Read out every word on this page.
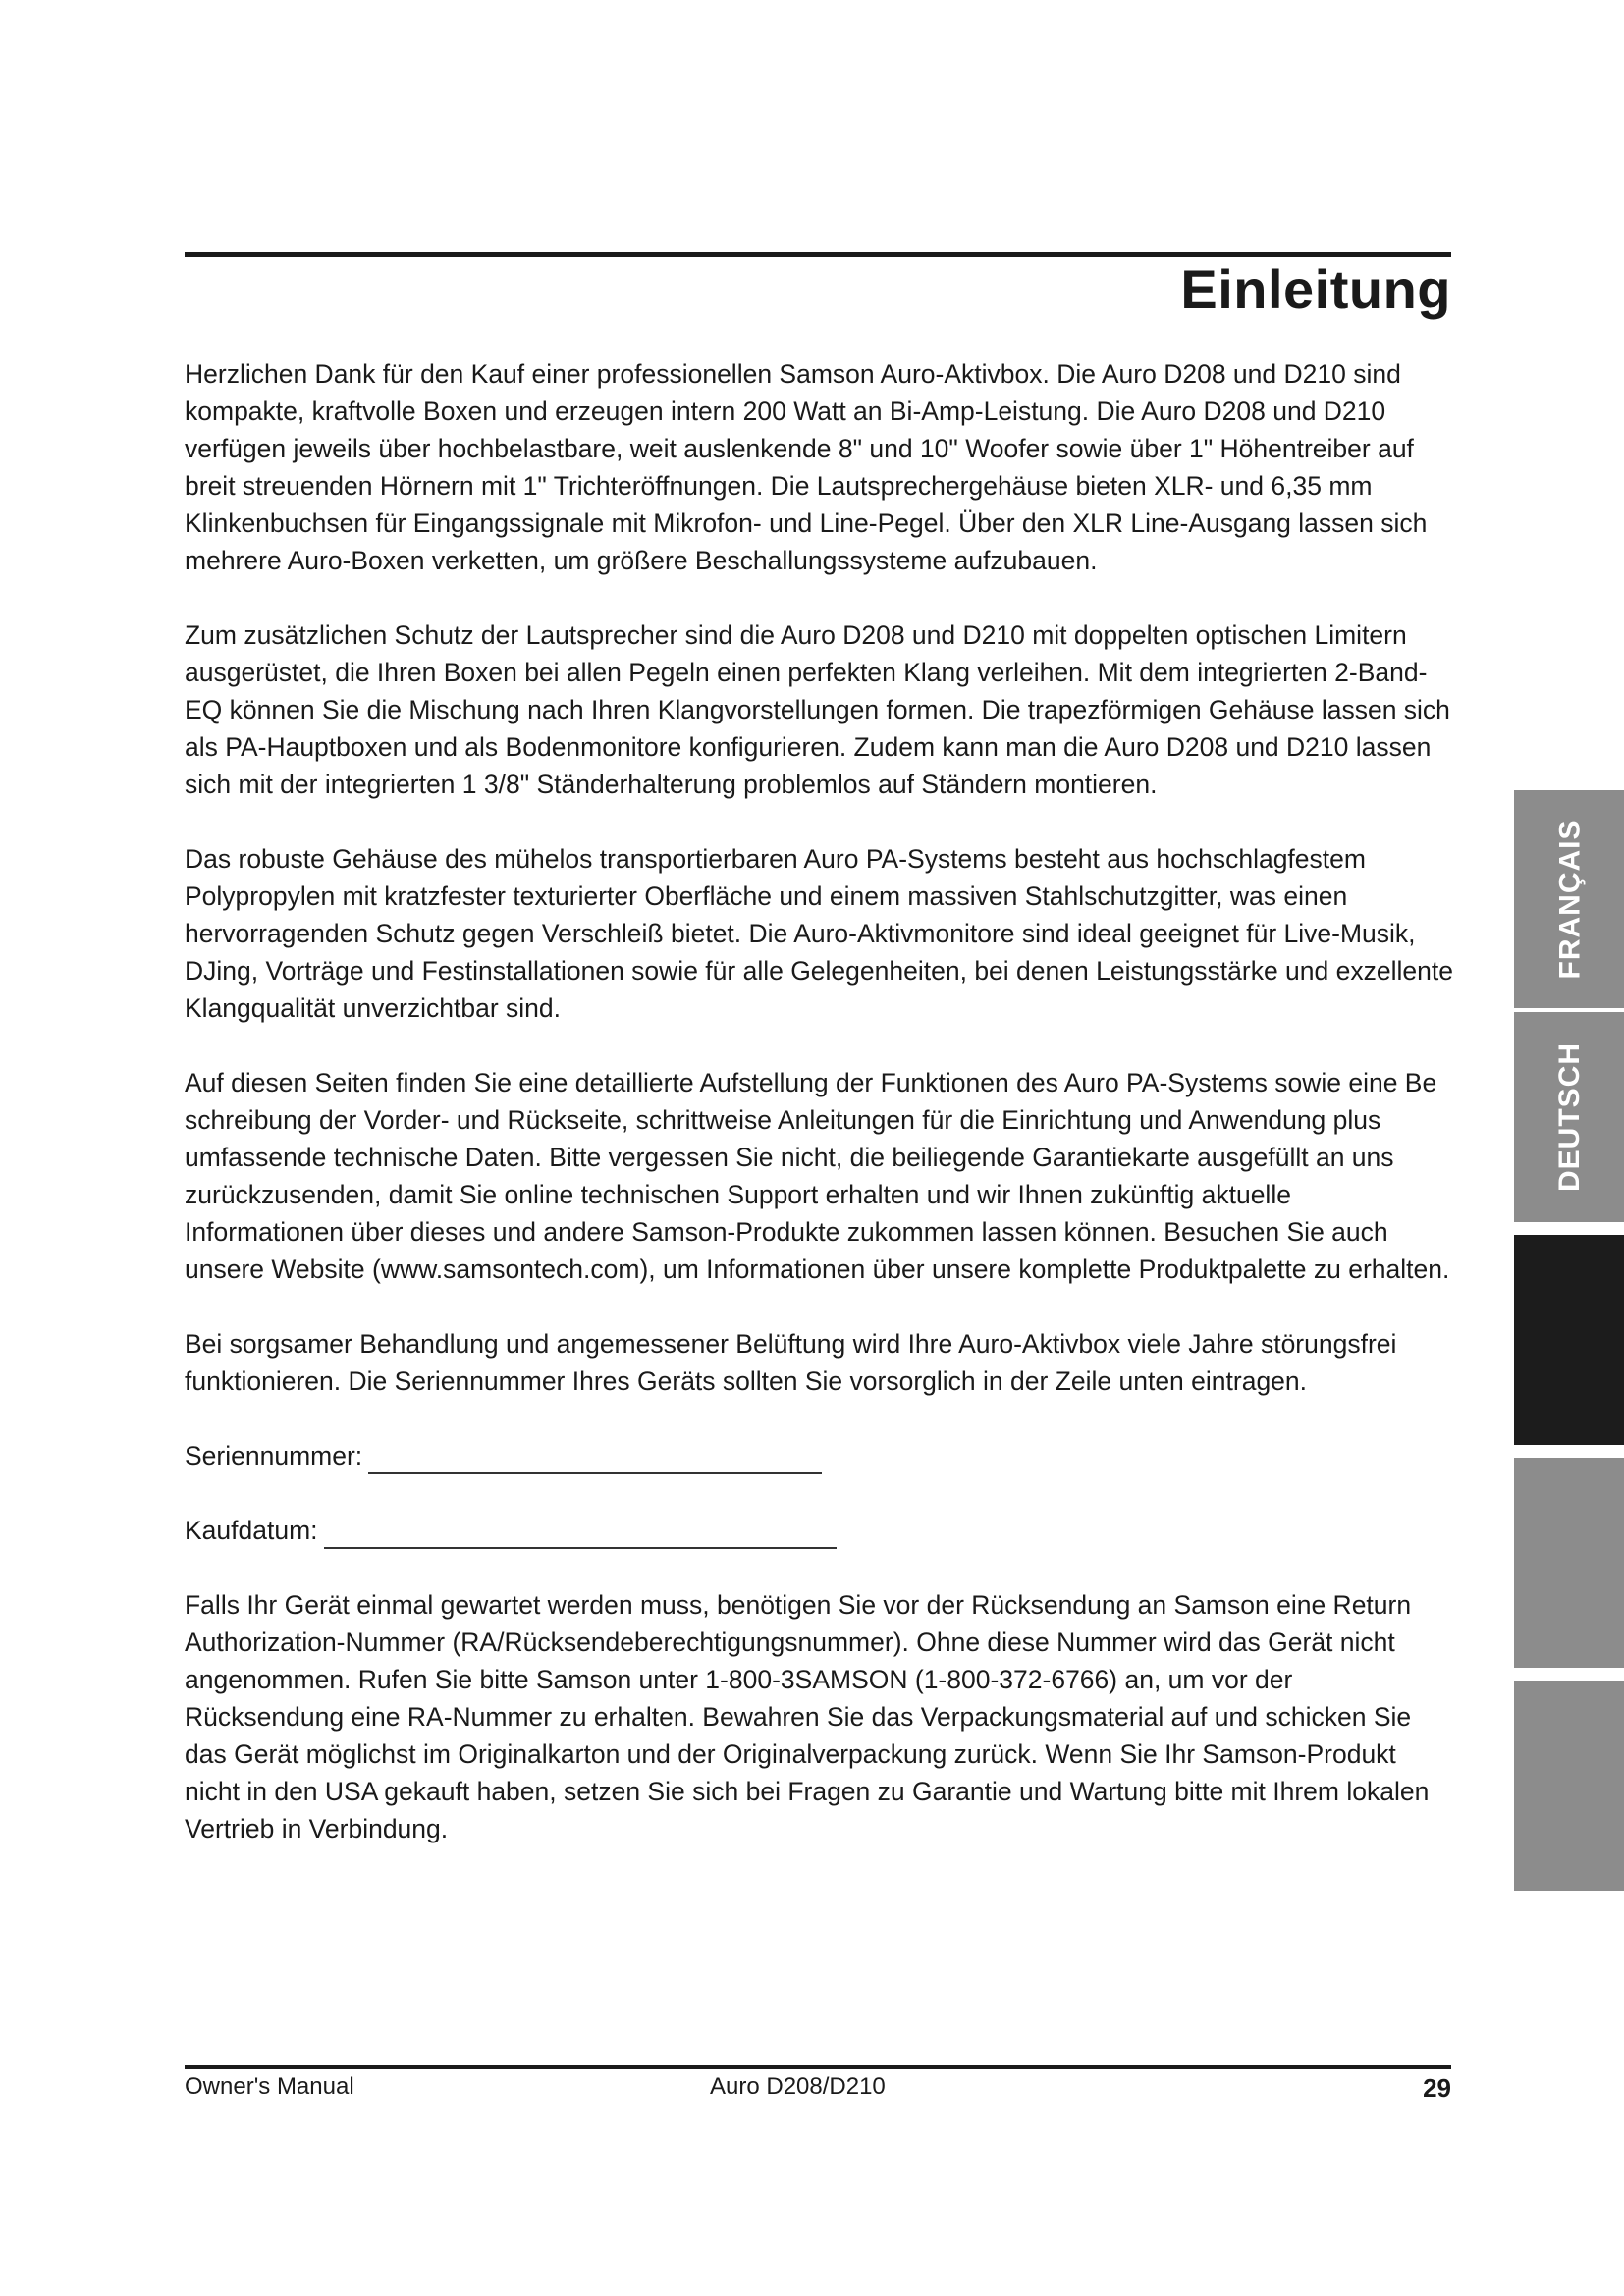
Einleitung

Herzlichen Dank für den Kauf einer professionellen Samson Auro-Aktivbox. Die Auro D208 und D210 sind kompakte, kraftvolle Boxen und erzeugen intern 200 Watt an Bi-Amp-Leistung. Die Auro D208 und D210 verfügen jeweils über hochbelastbare, weit auslenkende 8" und 10" Woofer sowie über 1" Höhentreiber auf breit streuenden Hörnern mit 1" Trichteröffnungen. Die Lautsprechergehäuse bieten XLR- und 6,35 mm Klinkenbuchsen für Eingangssignale mit Mikrofon- und Line-Pegel. Über den XLR Line-Ausgang lassen sich mehrere Auro-Boxen verketten, um größere Beschallungssysteme aufzubauen.

Zum zusätzlichen Schutz der Lautsprecher sind die Auro D208 und D210 mit doppelten optischen Limitern ausgerüstet, die Ihren Boxen bei allen Pegeln einen perfekten Klang verleihen. Mit dem integrierten 2-Band-EQ können Sie die Mischung nach Ihren Klangvorstellungen formen. Die trapezförmigen Gehäuse lassen sich als PA-Hauptboxen und als Bodenmonitore konfigurieren. Zudem kann man die Auro D208 und D210 lassen sich mit der integrierten 1 3/8" Ständerhalterung problemlos auf Ständern montieren.

Das robuste Gehäuse des mühelos transportierbaren Auro PA-Systems besteht aus hochschlagfestem Polypropylen mit kratzfester texturierter Oberfläche und einem massiven Stahlschutzgitter, was einen hervorragenden Schutz gegen Verschleiß bietet. Die Auro-Aktivmonitore sind ideal geeignet für Live-Musik, DJing, Vorträge und Festinstallationen sowie für alle Gelegenheiten, bei denen Leistungsstärke und exzellente Klangqualität unverzichtbar sind.

Auf diesen Seiten finden Sie eine detaillierte Aufstellung der Funktionen des Auro PA-Systems sowie eine Be schreibung der Vorder- und Rückseite, schrittweise Anleitungen für die Einrichtung und Anwendung plus umfassende technische Daten. Bitte vergessen Sie nicht, die beiliegende Garantiekarte ausgefüllt an uns zurückzusenden, damit Sie online technischen Support erhalten und wir Ihnen zukünftig aktuelle Informationen über dieses und andere Samson-Produkte zukommen lassen können. Besuchen Sie auch unsere Website (www.samsontech.com), um Informationen über unsere komplette Produktpalette zu erhalten.

Bei sorgsamer Behandlung und angemessener Belüftung wird Ihre Auro-Aktivbox viele Jahre störungsfrei funktionieren. Die Seriennummer Ihres Geräts sollten Sie vorsorglich in der Zeile unten eintragen.

Seriennummer:
Kaufdatum:

Falls Ihr Gerät einmal gewartet werden muss, benötigen Sie vor der Rücksendung an Samson eine Return Authorization-Nummer (RA/Rücksendeberechtigungsnummer). Ohne diese Nummer wird das Gerät nicht angenommen. Rufen Sie bitte Samson unter 1-800-3SAMSON (1-800-372-6766) an, um vor der Rücksendung eine RA-Nummer zu erhalten. Bewahren Sie das Verpackungsmaterial auf und schicken Sie das Gerät möglichst im Originalkarton und der Originalverpackung zurück. Wenn Sie Ihr Samson-Produkt nicht in den USA gekauft haben, setzen Sie sich bei Fragen zu Garantie und Wartung bitte mit Ihrem lokalen Vertrieb in Verbindung.

FRANÇAIS
DEUTSCH
Owner's Manual	Auro D208/D210	29
